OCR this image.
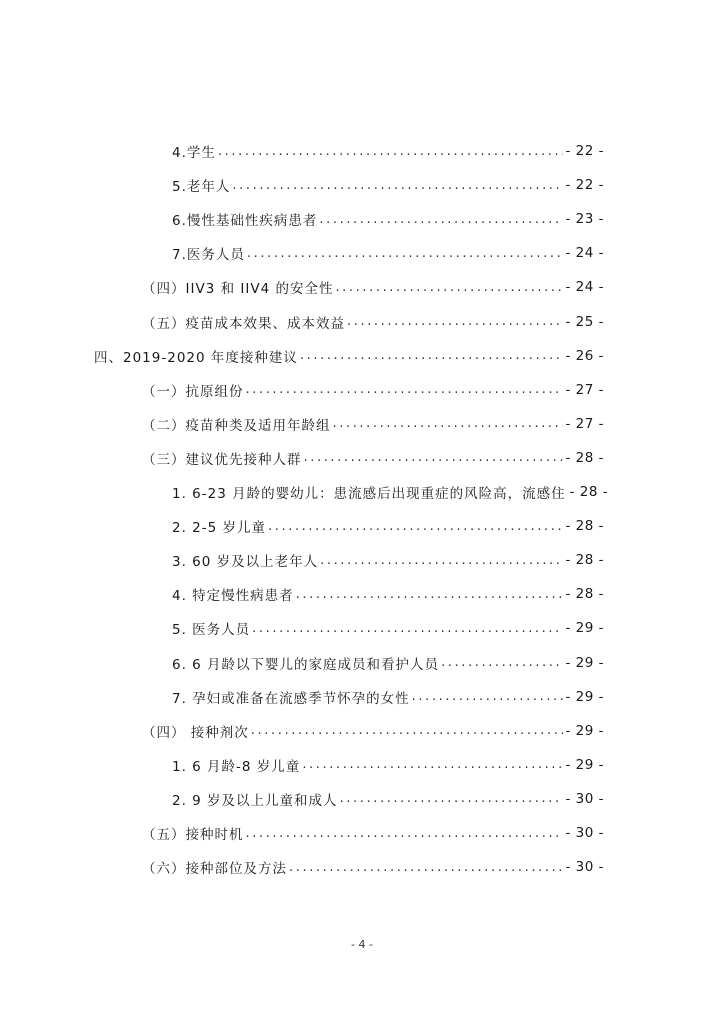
4.学生 .....	- 22 -
5.老年人 .....	- 22 -
6.慢性基础性疾病患者 .....	- 23 -
7.医务人员 .....	- 24 -
（四）IIV3 和 IIV4 的安全性 .....	- 24 -
（五）疫苗成本效果、成本效益 .....	- 25 -
四、2019-2020 年度接种建议 .....	- 26 -
（一）抗原组份 .....	- 27 -
（二）疫苗种类及适用年龄组 .....	- 27 -
（三）建议优先接种人群 .....	- 28 -
1. 6-23 月龄的婴幼儿：患流感后出现重症的风险高，流感住 - 28 -
2. 2-5 岁儿童 .....	- 28 -
3. 60 岁及以上老年人 .....	- 28 -
4. 特定慢性病患者 .....	- 28 -
5. 医务人员 .....	- 29 -
6. 6 月龄以下婴儿的家庭成员和看护人员 .....	- 29 -
7. 孕妇或准备在流感季节怀孕的女性 .....	- 29 -
（四） 接种剂次 .....	- 29 -
1. 6 月龄-8 岁儿童 .....	- 29 -
2. 9 岁及以上儿童和成人 .....	- 30 -
（五）接种时机 .....	- 30 -
（六）接种部位及方法 .....	- 30 -
- 4 -
